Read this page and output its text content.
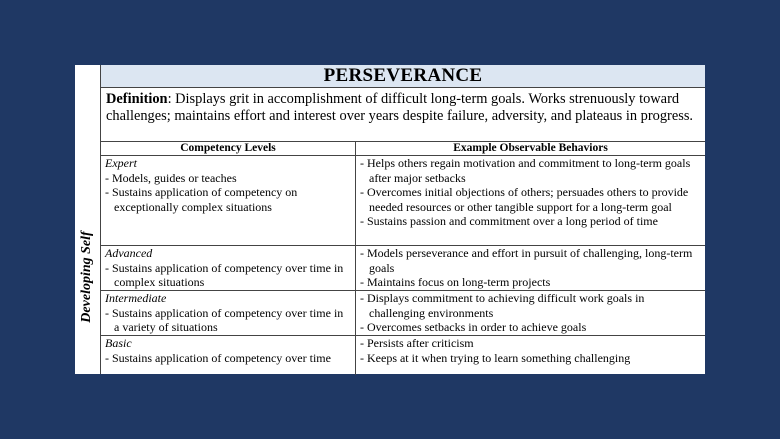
Developing Self
PERSEVERANCE
Definition: Displays grit in accomplishment of difficult long-term goals. Works strenuously toward challenges; maintains effort and interest over years despite failure, adversity, and plateaus in progress.
Competency Levels	Example Observable Behaviors
Expert
- Models, guides or teaches
- Sustains application of competency on exceptionally complex situations
- Helps others regain motivation and commitment to long-term goals after major setbacks
- Overcomes initial objections of others; persuades others to provide needed resources or other tangible support for a long-term goal
- Sustains passion and commitment over a long period of time
Advanced
- Sustains application of competency over time in complex situations
- Models perseverance and effort in pursuit of challenging, long-term goals
- Maintains focus on long-term projects
Intermediate
- Sustains application of competency over time in a variety of situations
- Displays commitment to achieving difficult work goals in challenging environments
- Overcomes setbacks in order to achieve goals
Basic
- Sustains application of competency over time
- Persists after criticism
- Keeps at it when trying to learn something challenging
